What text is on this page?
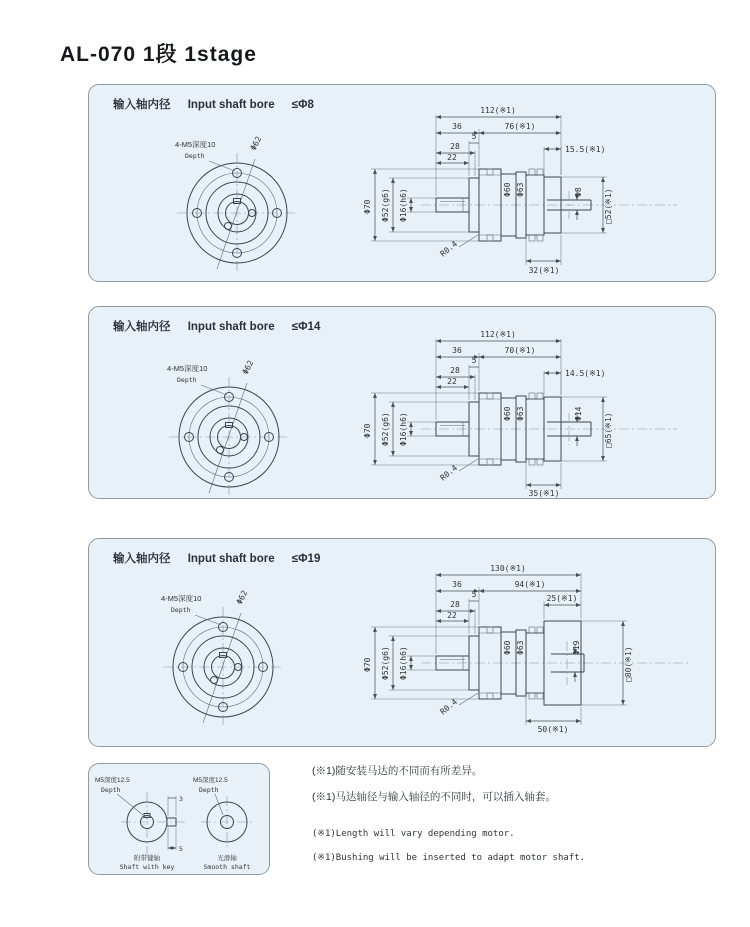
AL-070 1段 1stage
4-M5深度10
Depth
Φ62
112(※1)
36	76(※1)
5
28
22
15.5(※1)
Φ60 Φ63	Φ8	□52(※1)
32(※1)
Φ70 Φ52(g6) Φ16(h6)
R0.4
输入轴内径 Input shaft bore ≤Φ8
4-M5深度10
Depth
Φ62
112(※1)
36	70(※1)
5
28
22
14.5(※1)
Φ60 Φ63	Φ14	□65(※1)
35(※1)
Φ70 Φ52(g6) Φ16(h6)
R0.4
输入轴内径 Input shaft bore ≤Φ14
4-M5深度10
Depth
Φ62
130(※1)
36	94(※1)
5
28
22
25(※1)
Φ60 Φ63	Φ19	□80(※1)
50(※1)
Φ70 Φ52(g6) Φ16(h6)
R0.4
输入轴内径 Input shaft bore ≤Φ19
3
5
M5深度12.5
Depth
附带键轴
Shaft with key
M5深度12.5
Depth
光滑轴
Smooth shaft
(※1)随安装马达的不同而有所差异。
(※1)马达轴径与输入轴径的不同时，可以插入轴套。
(※1)Length will vary depending motor.
(※1)Bushing will be inserted to adapt motor shaft.
